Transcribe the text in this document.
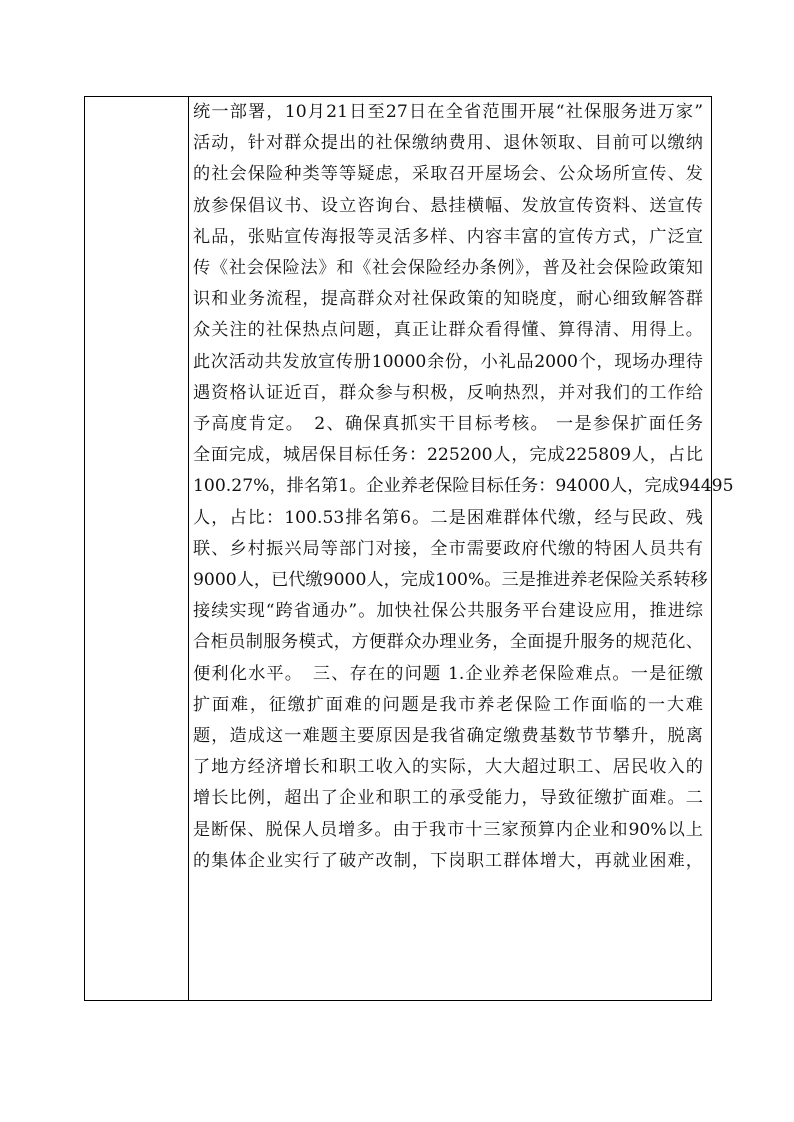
统一部署，10月21日至27日在全省范围开展“社保服务进万家”
活动，针对群众提出的社保缴纳费用、退休领取、目前可以缴纳
的社会保险种类等等疑虑，采取召开屋场会、公众场所宣传、发
放参保倡议书、设立咨询台、悬挂横幅、发放宣传资料、送宣传
礼品，张贴宣传海报等灵活多样、内容丰富的宣传方式，广泛宣
传《社会保险法》和《社会保险经办条例》，普及社会保险政策知
识和业务流程，提高群众对社保政策的知晓度，耐心细致解答群
众关注的社保热点问题，真正让群众看得懂、算得清、用得上。
此次活动共发放宣传册10000余份，小礼品2000个，现场办理待
遇资格认证近百，群众参与积极，反响热烈，并对我们的工作给
予高度肯定。　2、确保真抓实干目标考核。 一是参保扩面任务
全面完成，城居保目标任务：225200人，完成225809人，占比
100.27%，排名第1。企业养老保险目标任务：94000人，完成94495
人，占比：100.53排名第6。二是困难群体代缴，经与民政、残
联、乡村振兴局等部门对接，全市需要政府代缴的特困人员共有
9000人，已代缴9000人，完成100%。三是推进养老保险关系转移
接续实现“跨省通办”。加快社保公共服务平台建设应用，推进综
合柜员制服务模式，方便群众办理业务，全面提升服务的规范化、
便利化水平。　三、存在的问题 1.企业养老保险难点。一是征缴
扩面难，征缴扩面难的问题是我市养老保险工作面临的一大难
题，造成这一难题主要原因是我省确定缴费基数节节攀升，脱离
了地方经济增长和职工收入的实际，大大超过职工、居民收入的
增长比例，超出了企业和职工的承受能力，导致征缴扩面难。二
是断保、脱保人员增多。由于我市十三家预算内企业和90%以上
的集体企业实行了破产改制，下岗职工群体增大，再就业困难，
